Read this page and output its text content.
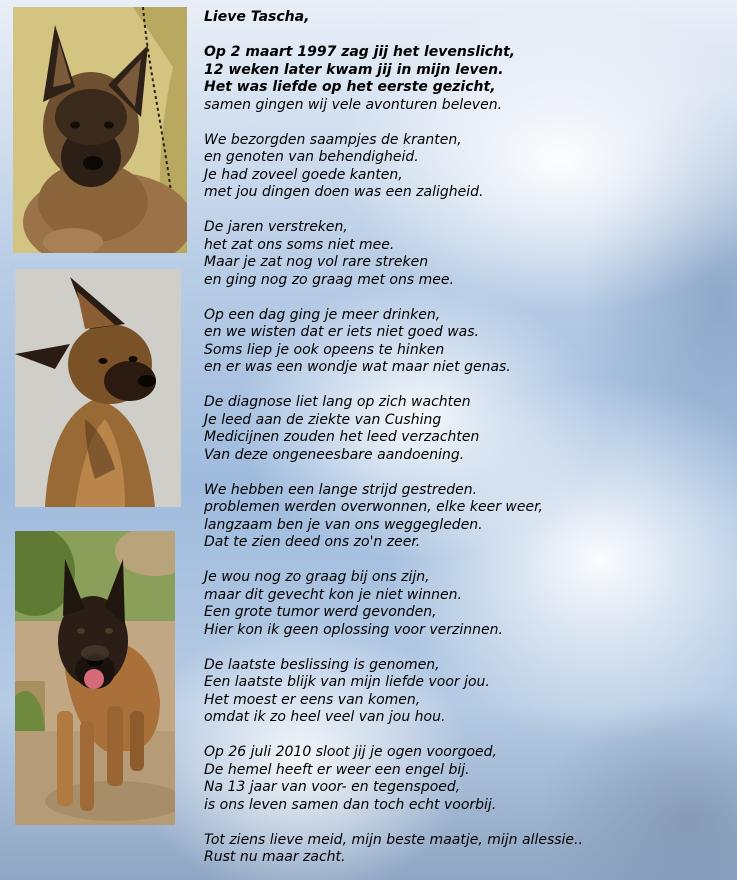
Lieve Tascha,
Op 2 maart 1997 zag jij het levenslicht,
12 weken later kwam jij in mijn leven.
Het was liefde op het eerste gezicht,
samen gingen wij vele avonturen beleven.
We bezorgden saampjes de kranten,
en genoten van behendigheid.
Je had zoveel goede kanten,
met jou dingen doen was een zaligheid.
De jaren verstreken,
het zat ons soms niet mee.
Maar je zat nog vol rare streken
en ging nog zo graag met ons mee.
Op een dag ging je meer drinken,
en we wisten dat er iets niet goed was.
Soms liep je ook opeens te hinken
en er was een wondje wat maar niet genas.
De diagnose liet lang op zich wachten
Je leed aan de ziekte van Cushing
Medicijnen zouden het leed verzachten
Van deze ongeneesbare aandoening.
We hebben een lange strijd gestreden.
problemen werden overwonnen, elke keer weer,
langzaam ben je van ons weggegleden.
Dat te zien deed ons zo'n zeer.
Je wou nog zo graag bij ons zijn,
maar dit gevecht kon je niet winnen.
Een grote tumor werd gevonden,
Hier kon ik geen oplossing voor verzinnen.
De laatste beslissing is genomen,
Een laatste blijk van mijn liefde voor jou.
Het moest er eens van komen,
omdat ik zo heel veel van jou hou.
Op 26 juli 2010 sloot jij je ogen voorgoed,
De hemel heeft er weer een engel bij.
Na 13 jaar van voor- en tegenspoed,
is ons leven samen dan toch echt voorbij.
Tot ziens lieve meid, mijn beste maatje, mijn allessie..
Rust nu maar zacht.
